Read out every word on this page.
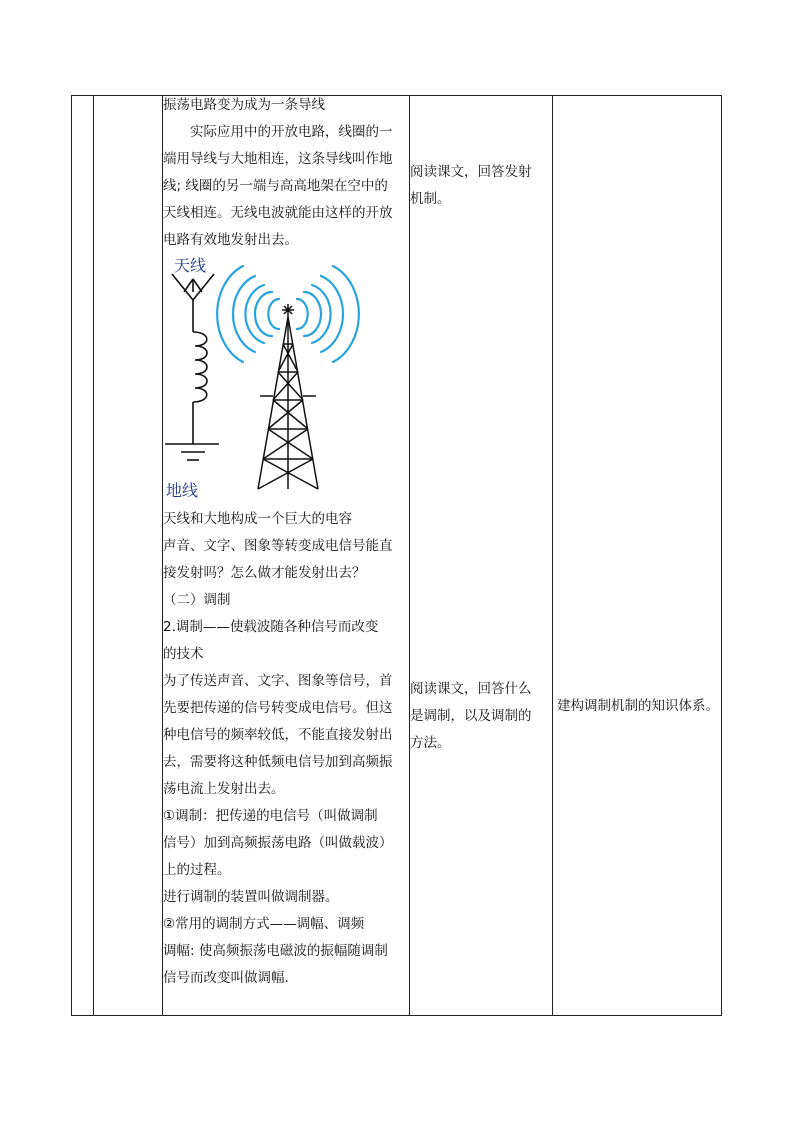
振荡电路变为成为一条导线

实际应用中的开放电路，线圈的一

端用导线与大地相连，这条导线叫作地

线; 线圈的另一端与高高地架在空中的

天线相连。无线电波就能由这样的开放

电路有效地发射出去。

天线
地线

天线和大地构成一个巨大的电容

声音、文字、图象等转变成电信号能直

接发射吗？怎么做才能发射出去？

（二）调制

2.调制——使载波随各种信号而改变

的技术

为了传送声音、文字、图象等信号，首

先要把传递的信号转变成电信号。但这

种电信号的频率较低，不能直接发射出

去，需要将这种低频电信号加到高频振

荡电流上发射出去。

①调制：把传递的电信号（叫做调制

信号）加到高频振荡电路（叫做载波）

上的过程。

进行调制的装置叫做调制器。

②常用的调制方式——调幅、调频

调幅: 使高频振荡电磁波的振幅随调制

信号而改变叫做调幅.

阅读课文，回答发射

机制。

阅读课文，回答什么

是调制，以及调制的

方法。

建构调制机制的知识体系。
